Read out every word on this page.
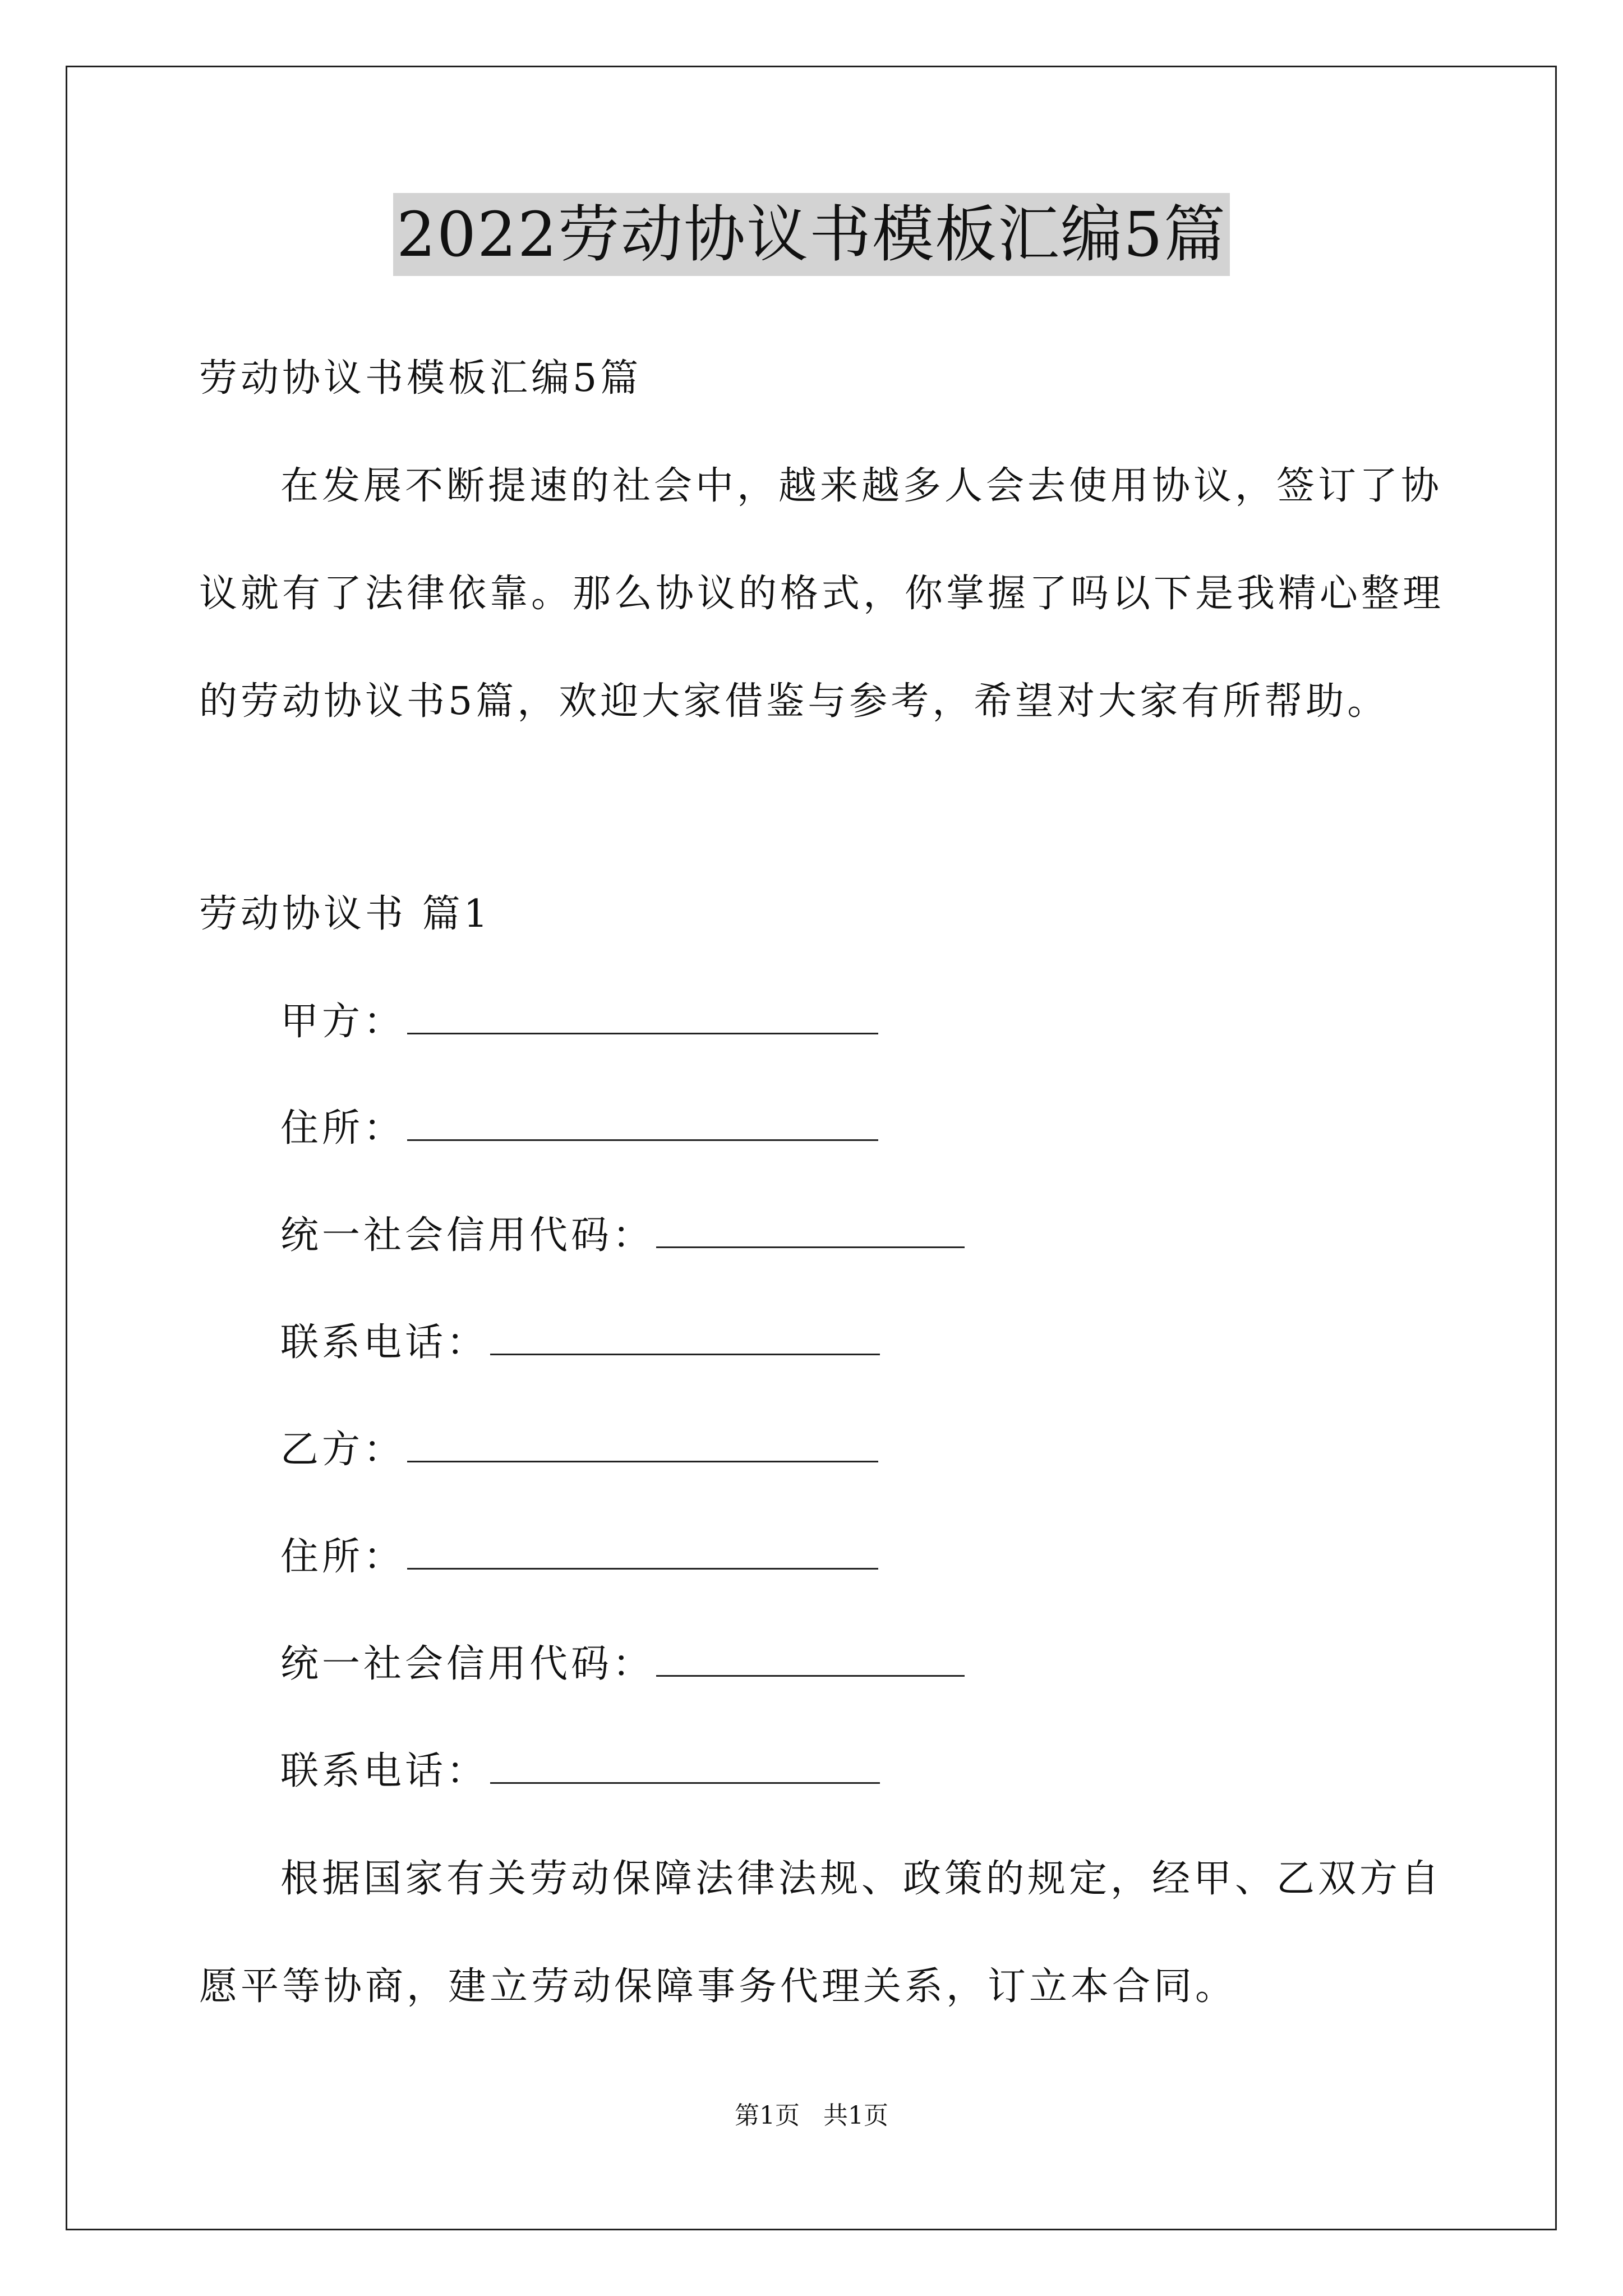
2022劳动协议书模板汇编5篇
劳动协议书模板汇编5篇
在发展不断提速的社会中，越来越多人会去使用协议，签订了协
议就有了法律依靠。那么协议的格式，你掌握了吗以下是我精心整理
的劳动协议书5篇，欢迎大家借鉴与参考，希望对大家有所帮助。
劳动协议书 篇1
甲方：
住所：
统一社会信用代码：
联系电话：
乙方：
住所：
统一社会信用代码：
联系电话：
根据国家有关劳动保障法律法规、政策的规定，经甲、乙双方自
愿平等协商，建立劳动保障事务代理关系，订立本合同。
第1页   共1页
